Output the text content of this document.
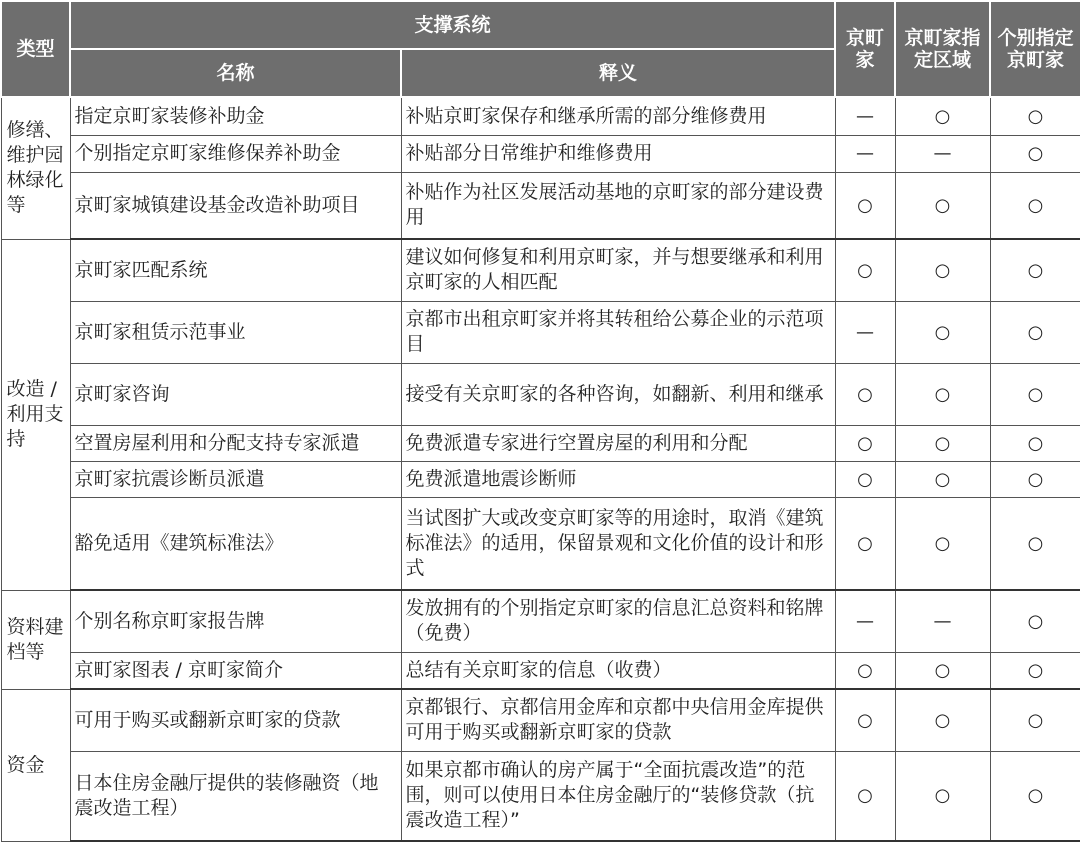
类型	支撑系统		京町家	京町家指定区域	个别指定京町家
	名称	释义			
修缮、维护园林绿化等	指定京町家装修补助金	补贴京町家保存和继承所需的部分维修费用	—	○	○
	个别指定京町家维修保养补助金	补贴部分日常维护和维修费用	—	—	○
	京町家城镇建设基金改造补助项目	补贴作为社区发展活动基地的京町家的部分建设费用	○	○	○
改造 / 利用支持	京町家匹配系统	建议如何修复和利用京町家，并与想要继承和利用京町家的人相匹配	○	○	○
	京町家租赁示范事业	京都市出租京町家并将其转租给公募企业的示范项目	—	○	○
	京町家咨询	接受有关京町家的各种咨询，如翻新、利用和继承	○	○	○
	空置房屋利用和分配支持专家派遣	免费派遣专家进行空置房屋的利用和分配	○	○	○
	京町家抗震诊断员派遣	免费派遣地震诊断师	○	○	○
	豁免适用《建筑标准法》	当试图扩大或改变京町家等的用途时，取消《建筑标准法》的适用，保留景观和文化价值的设计和形式	○	○	○
资料建档等	个别名称京町家报告牌	发放拥有的个别指定京町家的信息汇总资料和铭牌（免费）	—	—	○
	京町家图表 / 京町家简介	总结有关京町家的信息（收费）	○	○	○
资金	可用于购买或翻新京町家的贷款	京都银行、京都信用金库和京都中央信用金库提供可用于购买或翻新京町家的贷款	○	○	○
	日本住房金融厅提供的装修融资（地震改造工程）	如果京都市确认的房产属于“全面抗震改造”的范围，则可以使用日本住房金融厅的“装修贷款（抗震改造工程）”	○	○	○
